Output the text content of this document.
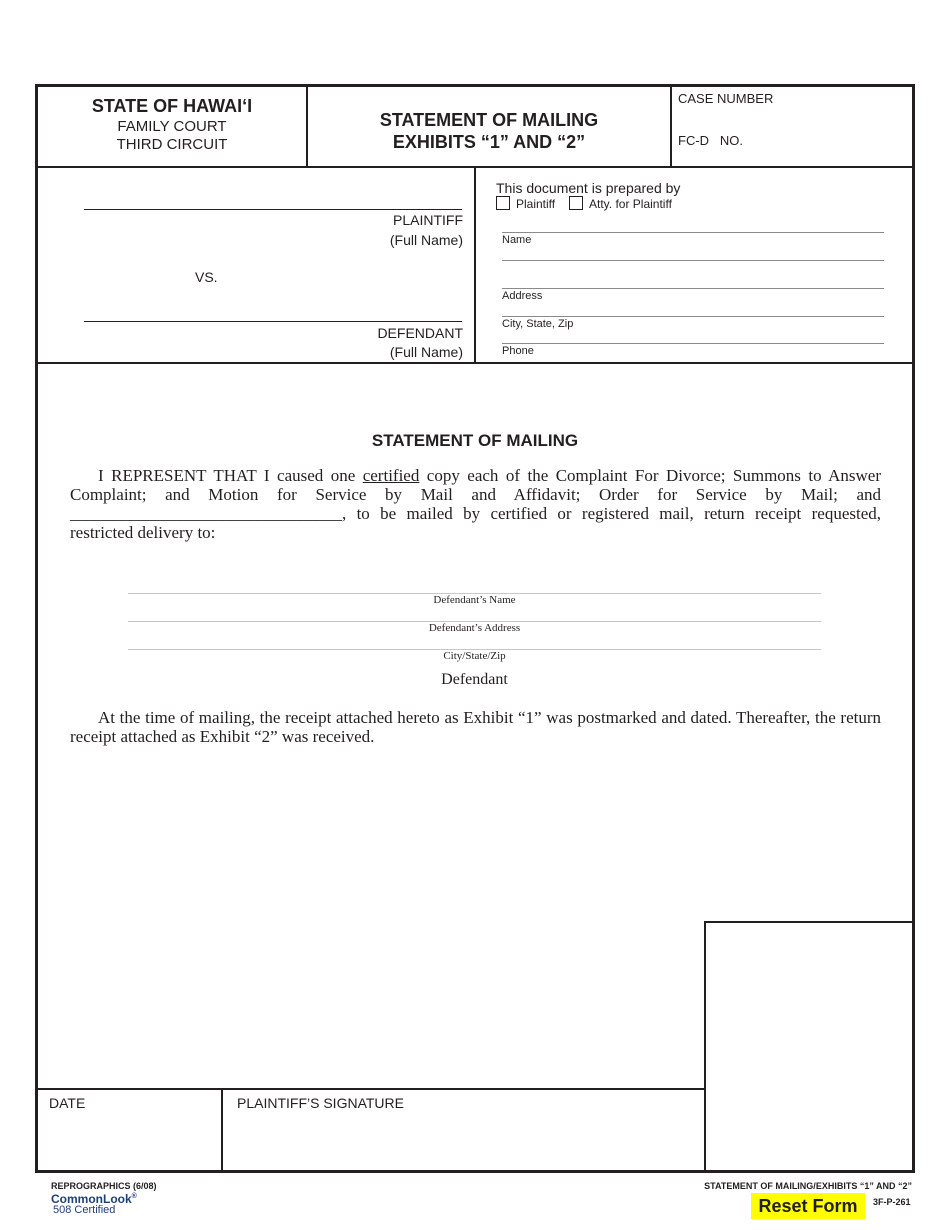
STATE OF HAWAI‘I
FAMILY COURT
THIRD CIRCUIT
STATEMENT OF MAILING
EXHIBITS “1” AND “2”
CASE NUMBER
FC-D   NO.
PLAINTIFF
(Full Name)
VS.
DEFENDANT
(Full Name)
This document is prepared by
Plaintiff	Atty. for Plaintiff
Name
Address
City, State, Zip
Phone
STATEMENT OF MAILING
I REPRESENT THAT I caused one certified copy each of the Complaint For Divorce; Summons to Answer Complaint; and Motion for Service by Mail and Affidavit; Order for Service by Mail; and ________________________________, to be mailed by certified or registered mail, return receipt requested, restricted delivery to:
Defendant’s Name
Defendant’s Address
City/State/Zip
Defendant
At the time of mailing, the receipt attached hereto as Exhibit “1” was postmarked and dated. Thereafter, the return receipt attached as Exhibit “2” was received.
DATE	PLAINTIFF’S SIGNATURE
REPROGRAPHICS (6/08)
CommonLook®
508 Certified
STATEMENT OF MAILING/EXHIBITS “1” AND “2”
Reset Form	3F-P-261
